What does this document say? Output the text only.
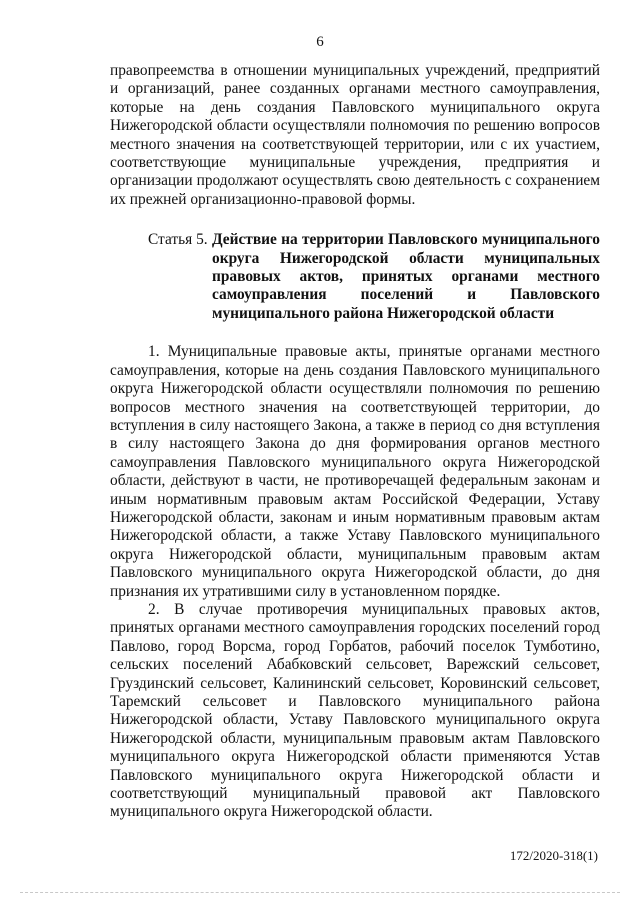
6

правопреемства в отношении муниципальных учреждений, предприятий и организаций, ранее созданных органами местного самоуправления, которые на день создания Павловского муниципального округа Нижегородской области осуществляли полномочия по решению вопросов местного значения на соответствующей территории, или с их участием, соответствующие муниципальные учреждения, предприятия и организации продолжают осуществлять свою деятельность с сохранением их прежней организационно-правовой формы.

Статья 5. Действие на территории Павловского муниципального округа Нижегородской области муниципальных правовых актов, принятых органами местного самоуправления поселений и Павловского муниципального района Нижегородской области

1. Муниципальные правовые акты, принятые органами местного самоуправления, которые на день создания Павловского муниципального округа Нижегородской области осуществляли полномочия по решению вопросов местного значения на соответствующей территории, до вступления в силу настоящего Закона, а также в период со дня вступления в силу настоящего Закона до дня формирования органов местного самоуправления Павловского муниципального округа Нижегородской области, действуют в части, не противоречащей федеральным законам и иным нормативным правовым актам Российской Федерации, Уставу Нижегородской области, законам и иным нормативным правовым актам Нижегородской области, а также Уставу Павловского муниципального округа Нижегородской области, муниципальным правовым актам Павловского муниципального округа Нижегородской области, до дня признания их утратившими силу в установленном порядке.

2. В случае противоречия муниципальных правовых актов, принятых органами местного самоуправления городских поселений город Павлово, город Ворсма, город Горбатов, рабочий поселок Тумботино, сельских поселений Абабковский сельсовет, Варежский сельсовет, Груздинский сельсовет, Калининский сельсовет, Коровинский сельсовет, Таремский сельсовет и Павловского муниципального района Нижегородской области, Уставу Павловского муниципального округа Нижегородской области, муниципальным правовым актам Павловского муниципального округа Нижегородской области применяются Устав Павловского муниципального округа Нижегородской области и соответствующий муниципальный правовой акт Павловского муниципального округа Нижегородской области.

172/2020-318(1)
